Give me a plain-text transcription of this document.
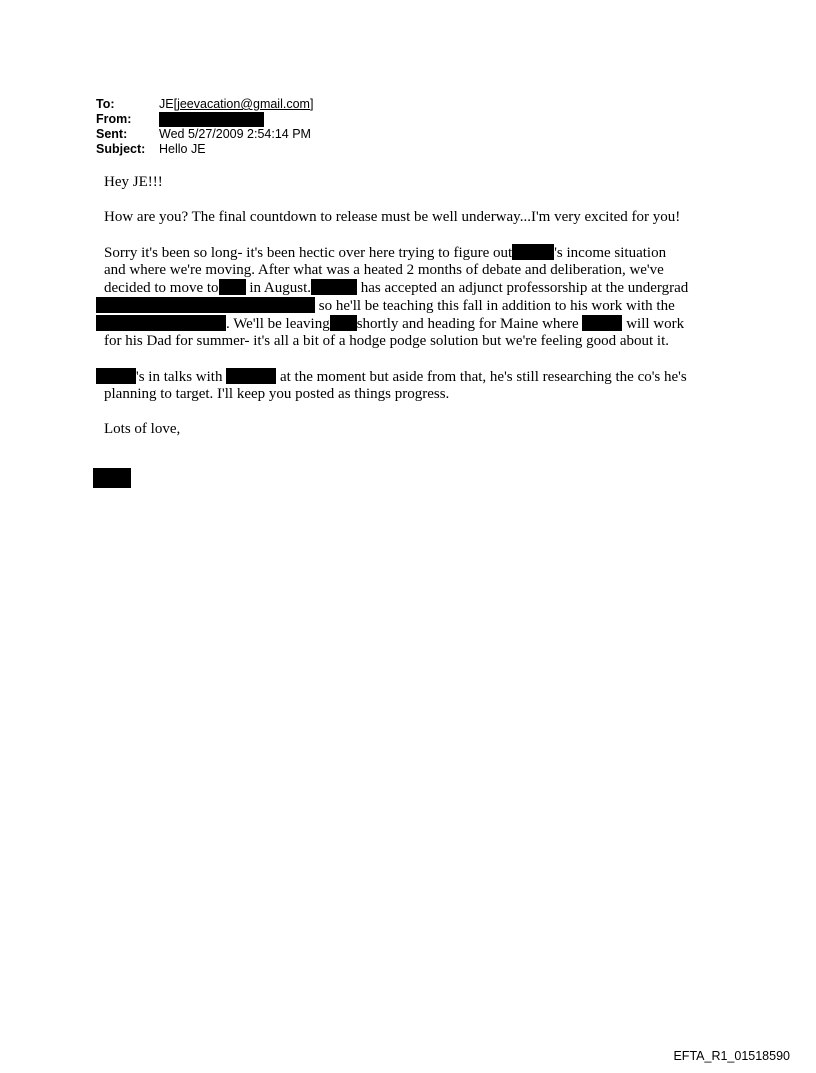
To:	JE[jeevacation@gmail.com]
From:
Sent:	Wed 5/27/2009 2:54:14 PM
Subject:	Hello JE

Hey JE!!!

How are you? The final countdown to release must be well underway...I'm very excited for you!

Sorry it's been so long- it's been hectic over here trying to figure out	's income situation
and where we're moving. After what was a heated 2 months of debate and deliberation, we've
decided to move to in August.	has accepted an adjunct professorship at the undergrad
so he'll be teaching this fall in addition to his work with the
. We'll be leaving shortly and heading for Maine where	will work
for his Dad for summer- it's all a bit of a hodge podge solution but we're feeling good about it.

's in talks with	at the moment but aside from that, he's still researching the co's he's
planning to target. I'll keep you posted as things progress.

Lots of love,

EFTA_R1_01518590
